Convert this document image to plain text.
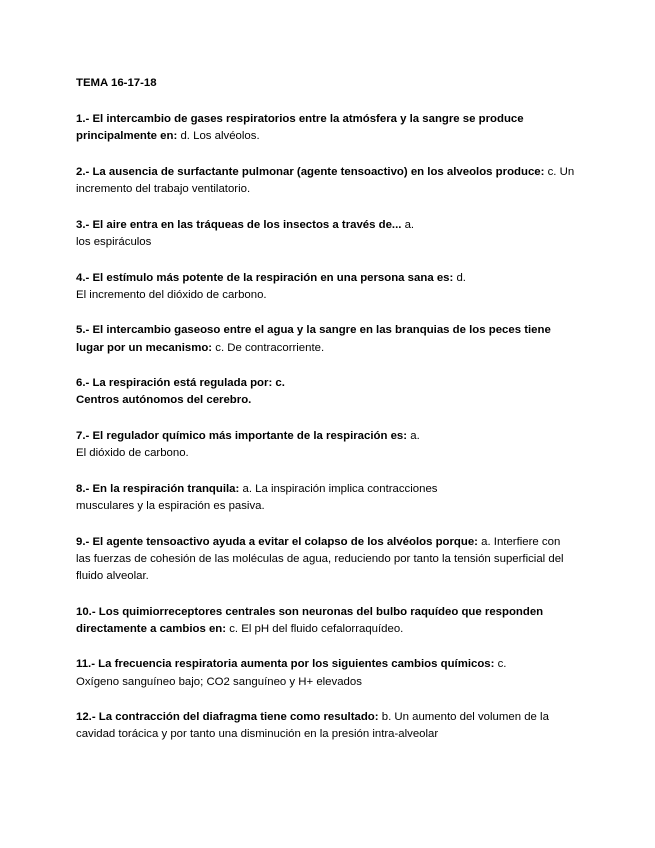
TEMA 16-17-18
1.- El intercambio de gases respiratorios entre la atmósfera y la sangre se produce principalmente en: d. Los alvéolos.
2.- La ausencia de surfactante pulmonar (agente tensoactivo) en los alveolos produce: c. Un incremento del trabajo ventilatorio.
3.- El aire entra en las tráqueas de los insectos a través de... a.
los espiráculos
4.- El estímulo más potente de la respiración en una persona sana es: d.
El incremento del dióxido de carbono.
5.- El intercambio gaseoso entre el agua y la sangre en las branquias de los peces tiene lugar por un mecanismo: c. De contracorriente.
6.- La respiración está regulada por: c.
Centros autónomos del cerebro.
7.- El regulador químico más importante de la respiración es: a.
El dióxido de carbono.
8.- En la respiración tranquila: a. La inspiración implica contracciones
musculares y la espiración es pasiva.
9.- El agente tensoactivo ayuda a evitar el colapso de los alvéolos porque: a. Interfiere con las fuerzas de cohesión de las moléculas de agua, reduciendo por tanto la tensión superficial del fluido alveolar.
10.- Los quimiorreceptores centrales son neuronas del bulbo raquídeo que responden directamente a cambios en: c. El pH del fluido cefalorraquídeo.
11.- La frecuencia respiratoria aumenta por los siguientes cambios químicos: c.
Oxígeno sanguíneo bajo; CO2 sanguíneo y H+ elevados
12.- La contracción del diafragma tiene como resultado: b. Un aumento del volumen de la cavidad torácica y por tanto una disminución en la presión intra-alveolar
